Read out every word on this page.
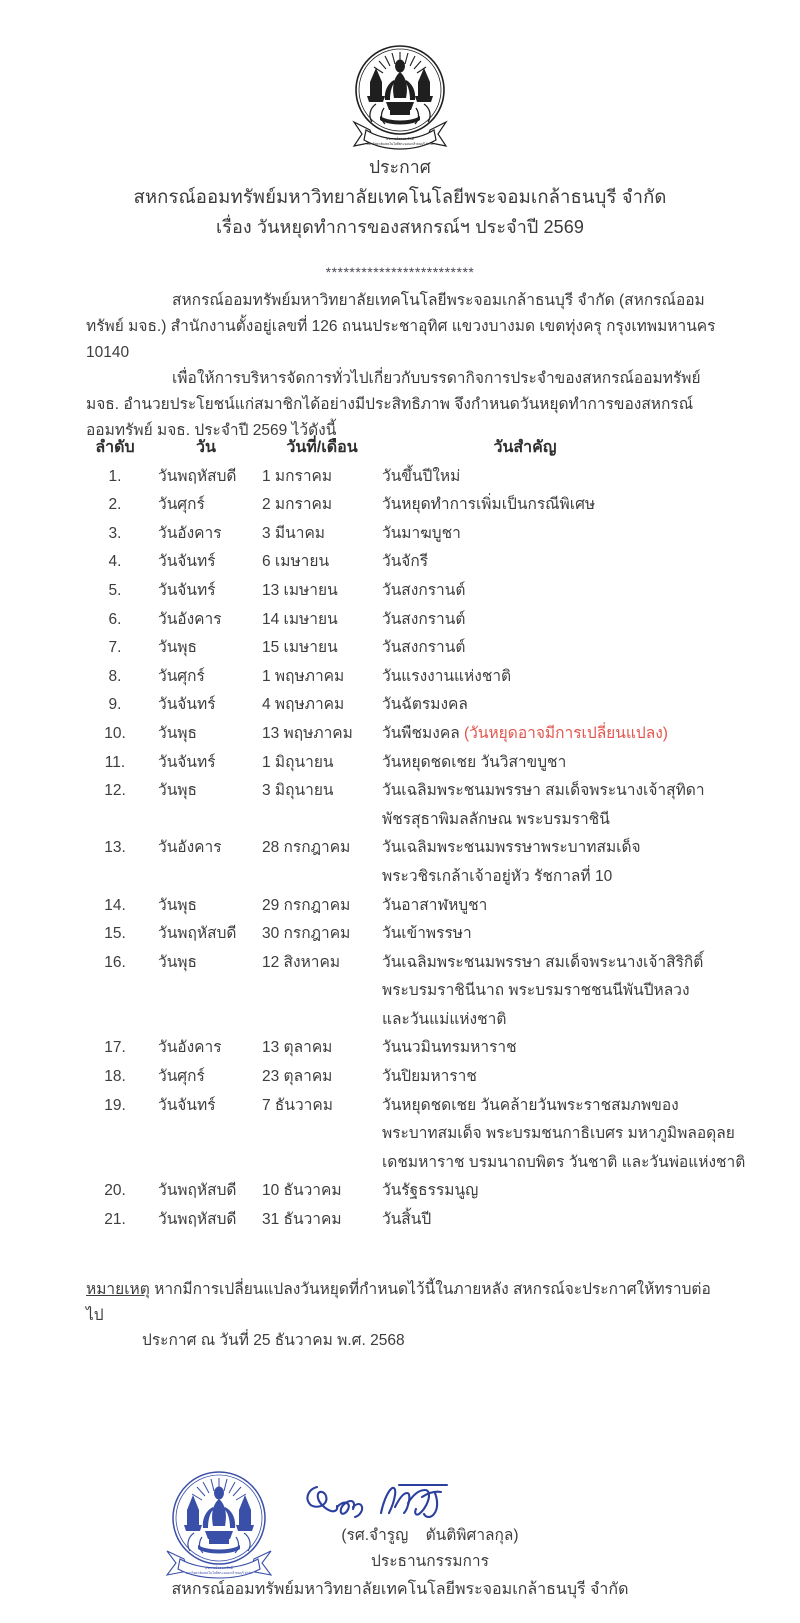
สหกรณ์ออมทรัพย์
มหาวิทยาลัยเทคโนโลยีพระจอมเกล้าธนบุรี จำกัด
ประกาศ
สหกรณ์ออมทรัพย์มหาวิทยาลัยเทคโนโลยีพระจอมเกล้าธนบุรี จำกัด
เรื่อง วันหยุดทำการของสหกรณ์ฯ ประจำปี 2569
*************************
สหกรณ์ออมทรัพย์มหาวิทยาลัยเทคโนโลยีพระจอมเกล้าธนบุรี จำกัด (สหกรณ์ออมทรัพย์ มจธ.) สำนักงานตั้งอยู่เลขที่ 126 ถนนประชาอุทิศ แขวงบางมด เขตทุ่งครุ กรุงเทพมหานคร 10140
เพื่อให้การบริหารจัดการทั่วไปเกี่ยวกับบรรดากิจการประจำของสหกรณ์ออมทรัพย์ มจธ. อำนวยประโยชน์แก่สมาชิกได้อย่างมีประสิทธิภาพ จึงกำหนดวันหยุดทำการของสหกรณ์ออมทรัพย์ มจธ. ประจำปี 2569 ไว้ดังนี้
ลำดับ	วัน	วันที่/เดือน	วันสำคัญ
1.	วันพฤหัสบดี	1 มกราคม	วันขึ้นปีใหม่
2.	วันศุกร์	2 มกราคม	วันหยุดทำการเพิ่มเป็นกรณีพิเศษ
3.	วันอังคาร	3 มีนาคม	วันมาฆบูชา
4.	วันจันทร์	6 เมษายน	วันจักรี
5.	วันจันทร์	13 เมษายน	วันสงกรานต์
6.	วันอังคาร	14 เมษายน	วันสงกรานต์
7.	วันพุธ	15 เมษายน	วันสงกรานต์
8.	วันศุกร์	1 พฤษภาคม	วันแรงงานแห่งชาติ
9.	วันจันทร์	4 พฤษภาคม	วันฉัตรมงคล
10.	วันพุธ	13 พฤษภาคม	วันพืชมงคล (วันหยุดอาจมีการเปลี่ยนแปลง)
11.	วันจันทร์	1 มิถุนายน	วันหยุดชดเชย วันวิสาขบูชา
12.	วันพุธ	3 มิถุนายน	วันเฉลิมพระชนมพรรษา สมเด็จพระนางเจ้าสุทิดา
พัชรสุธาพิมลลักษณ พระบรมราชินี
13.	วันอังคาร	28 กรกฎาคม	วันเฉลิมพระชนมพรรษาพระบาทสมเด็จ
พระวชิรเกล้าเจ้าอยู่หัว รัชกาลที่ 10
14.	วันพุธ	29 กรกฎาคม	วันอาสาฬหบูชา
15.	วันพฤหัสบดี	30 กรกฎาคม	วันเข้าพรรษา
16.	วันพุธ	12 สิงหาคม	วันเฉลิมพระชนมพรรษา สมเด็จพระนางเจ้าสิริกิติ์
พระบรมราชินีนาถ พระบรมราชชนนีพันปีหลวง
และวันแม่แห่งชาติ
17.	วันอังคาร	13 ตุลาคม	วันนวมินทรมหาราช
18.	วันศุกร์	23 ตุลาคม	วันปิยมหาราช
19.	วันจันทร์	7 ธันวาคม	วันหยุดชดเชย วันคล้ายวันพระราชสมภพของ
พระบาทสมเด็จ พระบรมชนกาธิเบศร มหาภูมิพลอดุลย
เดชมหาราช บรมนาถบพิตร วันชาติ และวันพ่อแห่งชาติ
20.	วันพฤหัสบดี	10 ธันวาคม	วันรัฐธรรมนูญ
21.	วันพฤหัสบดี	31 ธันวาคม	วันสิ้นปี
หมายเหตุ หากมีการเปลี่ยนแปลงวันหยุดที่กำหนดไว้นี้ในภายหลัง สหกรณ์จะประกาศให้ทราบต่อไป
ประกาศ ณ วันที่ 25 ธันวาคม พ.ศ. 2568
สหกรณ์ออมทรัพย์
มหาวิทยาลัยเทคโนโลยีพระจอมเกล้าธนบุรี จำกัด
(รศ.จำรูญ    ตันติพิศาลกุล)
ประธานกรรมการ
สหกรณ์ออมทรัพย์มหาวิทยาลัยเทคโนโลยีพระจอมเกล้าธนบุรี จำกัด
